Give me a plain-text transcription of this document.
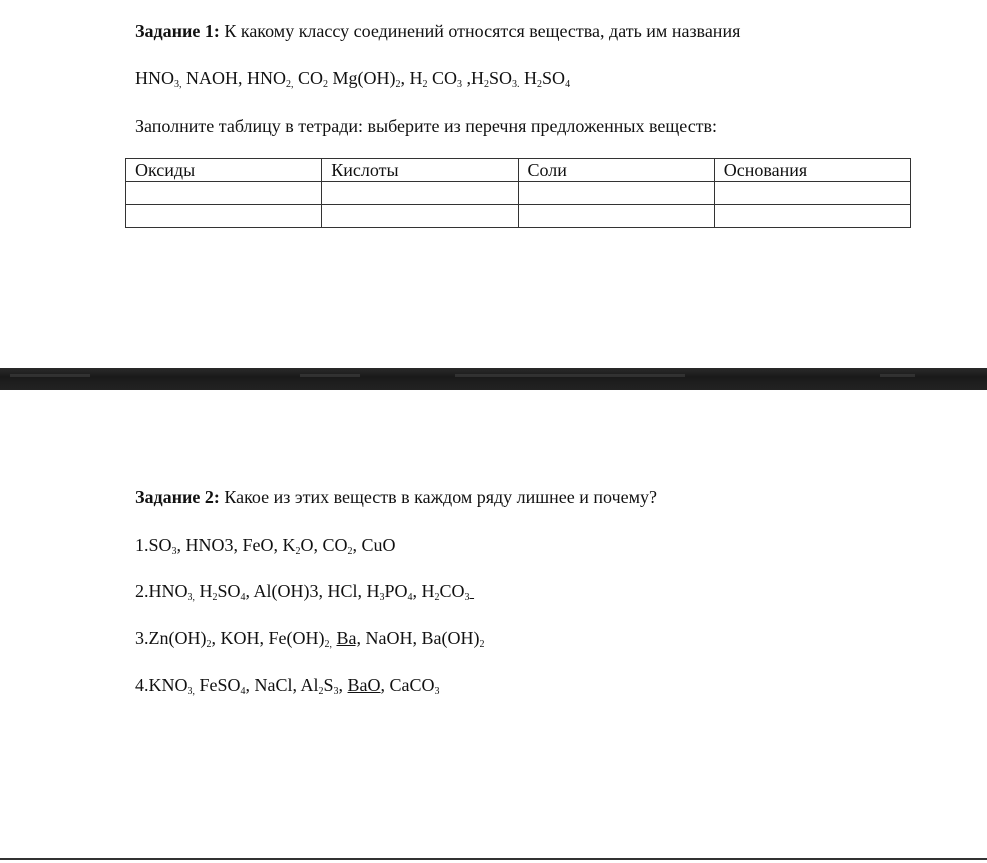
Задание 1: К какому классу соединений относятся вещества, дать им названия
$HNO_{3,}$ NAOH, $HNO_{2,}$ $CO_2$ $Mg(OH)_2$, $H_2$ $CO_3$ $,H_2SO_{3.}$ $H_2SO_4$
Заполните таблицу в тетради: выберите из перечня предложенных веществ:
Оксиды	Кислоты	Соли	Основания

Задание 2: Какое из этих веществ в каждом ряду лишнее и почему?
$1.SO_3$, HNO3, FeO, $K_2O$, $CO_2$, CuO
$2.HNO_{3,}$ $H_2SO_4$, Al(OH)3, HCl, $H_3PO_4$, $H_2CO_3$
$3.Zn(OH)_2$, KOH, $Fe(OH)_{2,}$ Ba, NaOH, $Ba(OH)_2$
$4.KNO_{3,}$ FeSO$_4$, NaCl, $Al_2S_3$, BaO, CaCO$_3$
